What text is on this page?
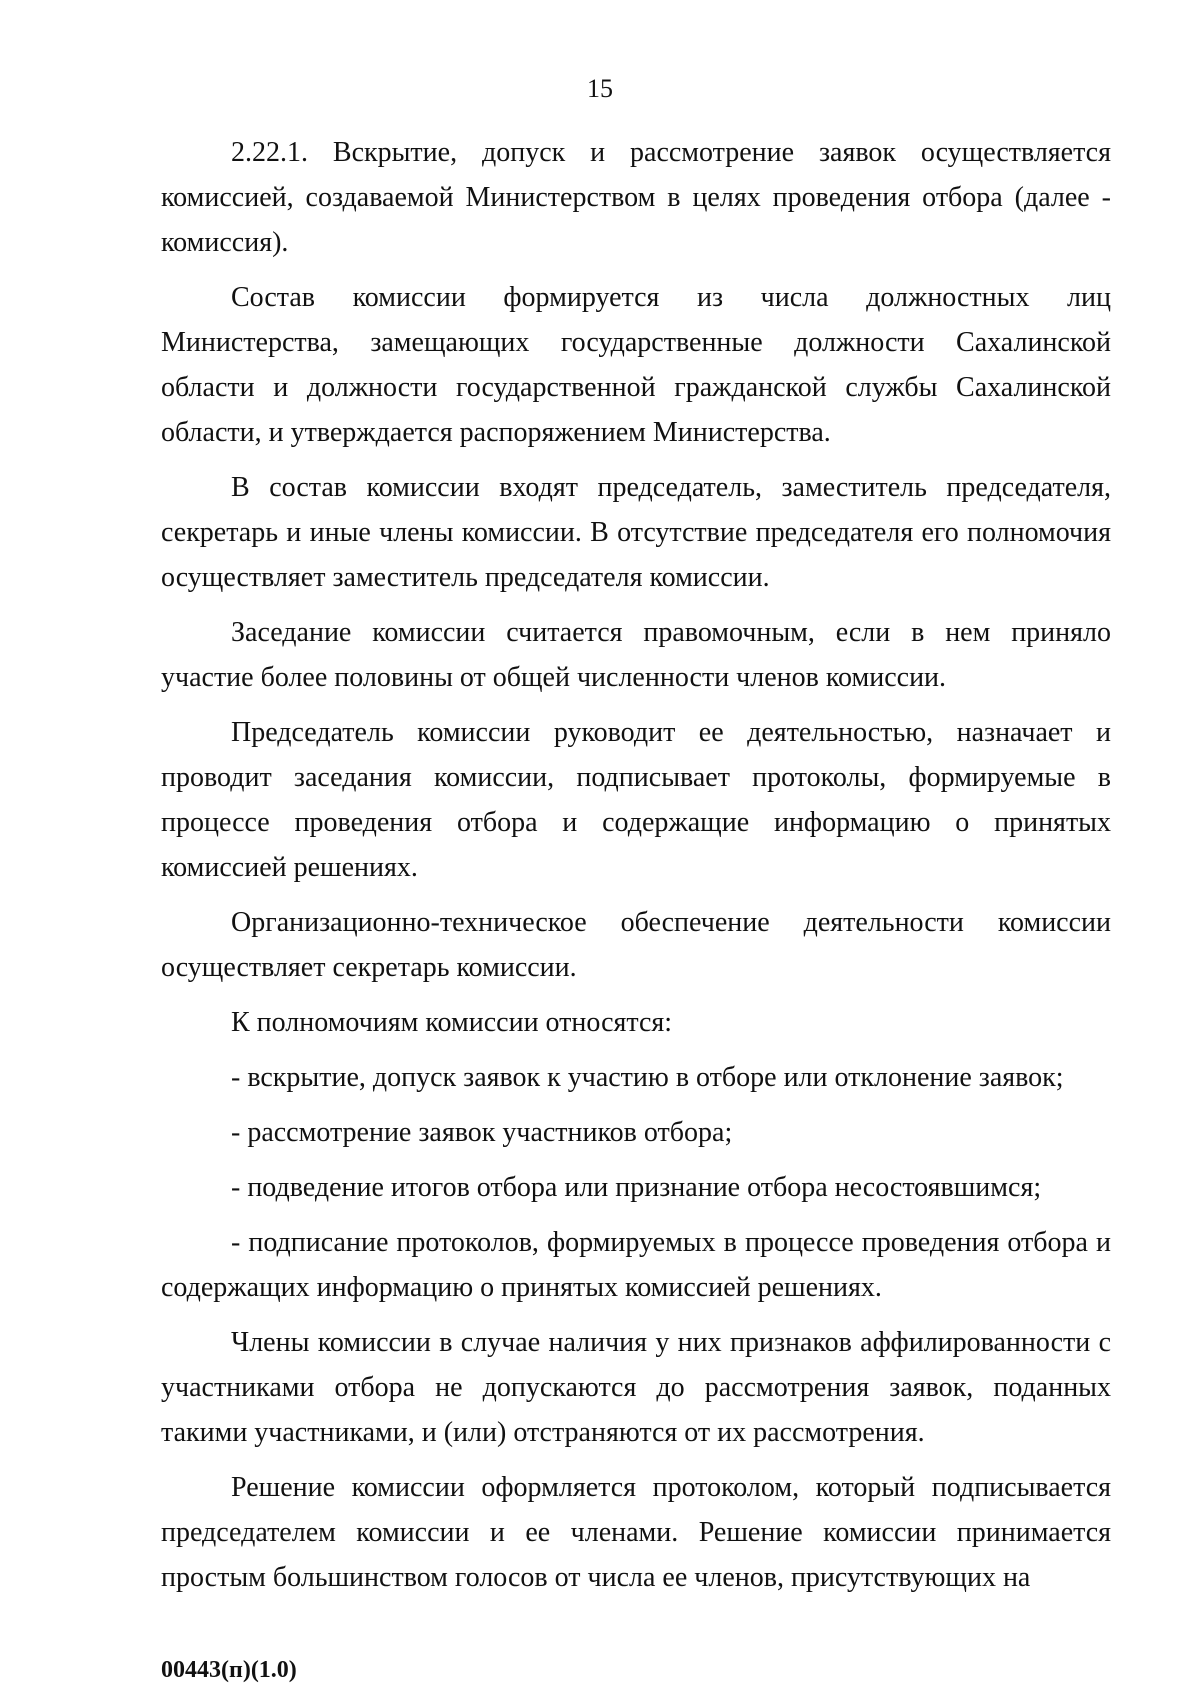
15

2.22.1. Вскрытие, допуск и рассмотрение заявок осуществляется комиссией, создаваемой Министерством в целях проведения отбора (далее - комиссия).

Состав комиссии формируется из числа должностных лиц Министерства, замещающих государственные должности Сахалинской области и должности государственной гражданской службы Сахалинской области, и утверждается распоряжением Министерства.

В состав комиссии входят председатель, заместитель председателя, секретарь и иные члены комиссии. В отсутствие председателя его полномочия осуществляет заместитель председателя комиссии.

Заседание комиссии считается правомочным, если в нем приняло участие более половины от общей численности членов комиссии.

Председатель комиссии руководит ее деятельностью, назначает и проводит заседания комиссии, подписывает протоколы, формируемые в процессе проведения отбора и содержащие информацию о принятых комиссией решениях.

Организационно-техническое обеспечение деятельности комиссии осуществляет секретарь комиссии.

К полномочиям комиссии относятся:

- вскрытие, допуск заявок к участию в отборе или отклонение заявок;

- рассмотрение заявок участников отбора;

- подведение итогов отбора или признание отбора несостоявшимся;

- подписание протоколов, формируемых в процессе проведения отбора и содержащих информацию о принятых комиссией решениях.

Члены комиссии в случае наличия у них признаков аффилированности с участниками отбора не допускаются до рассмотрения заявок, поданных такими участниками, и (или) отстраняются от их рассмотрения.

Решение комиссии оформляется протоколом, который подписывается председателем комиссии и ее членами. Решение комиссии принимается простым большинством голосов от числа ее членов, присутствующих на

00443(п)(1.0)
